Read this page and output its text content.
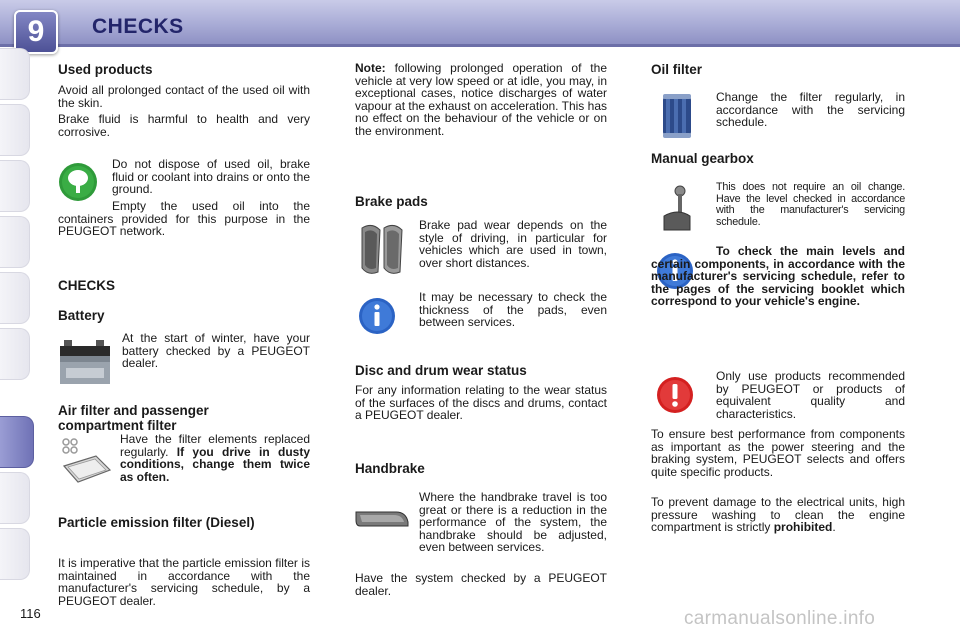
9	CHECKS
Used products
Avoid all prolonged contact of the used oil with the skin.
Brake fluid is harmful to health and very corrosive.
Do not dispose of used oil, brake fluid or coolant into drains or onto the ground.
Empty the used oil into the containers provided for this purpose in the PEUGEOT network.
CHECKS
Battery
At the start of winter, have your battery checked by a PEUGEOT dealer.
Air filter and passenger compartment filter
Have the filter elements replaced regularly. If you drive in dusty conditions, change them twice as often.
Particle emission filter (Diesel)
It is imperative that the particle emission filter is maintained in accordance with the manufacturer's servicing schedule, by a PEUGEOT dealer.
Note: following prolonged operation of the vehicle at very low speed or at idle, you may, in exceptional cases, notice discharges of water vapour at the exhaust on acceleration. This has no effect on the behaviour of the vehicle or on the environment.
Brake pads
Brake pad wear depends on the style of driving, in particular for vehicles which are used in town, over short distances.
It may be necessary to check the thickness of the pads, even between services.
Disc and drum wear status
For any information relating to the wear status of the surfaces of the discs and drums, contact a PEUGEOT dealer.
Handbrake
Where the handbrake travel is too great or there is a reduction in the performance of the system, the handbrake should be adjusted, even between services.
Have the system checked by a PEUGEOT dealer.
Oil filter
Change the filter regularly, in accordance with the servicing schedule.
Manual gearbox
This does not require an oil change. Have the level checked in accordance with the manufacturer's servicing schedule.
To check the main levels and certain components, in accordance with the manufacturer's servicing schedule, refer to the pages of the servicing booklet which correspond to your vehicle's engine.
Only use products recommended by PEUGEOT or products of equivalent quality and characteristics.
To ensure best performance from components as important as the power steering and the braking system, PEUGEOT selects and offers quite specific products.
To prevent damage to the electrical units, high pressure washing to clean the engine compartment is strictly prohibited.
116	carmanualsonline.info
